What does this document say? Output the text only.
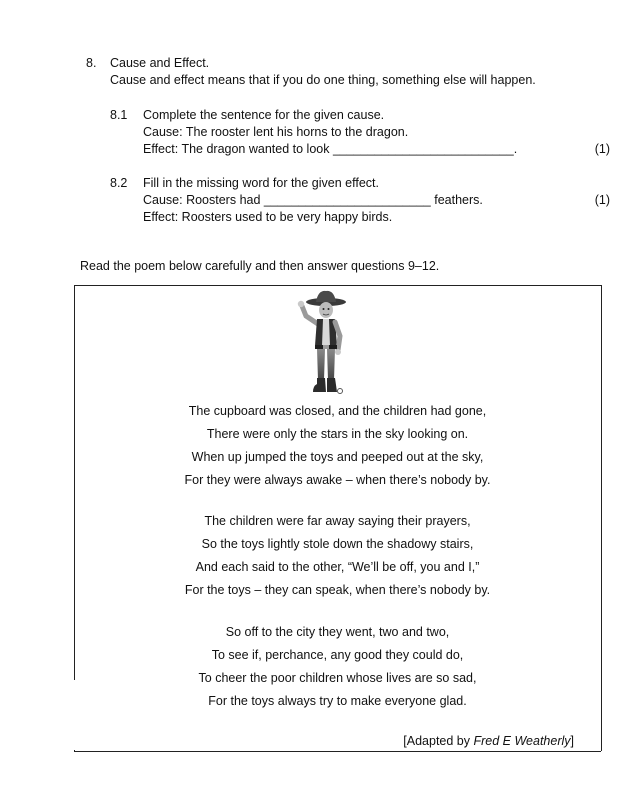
8. Cause and Effect.
Cause and effect means that if you do one thing, something else will happen.
8.1 Complete the sentence for the given cause.
Cause: The rooster lent his horns to the dragon.
Effect: The dragon wanted to look __________________________.	(1)
8.2 Fill in the missing word for the given effect.
Cause: Roosters had ________________________ feathers.	(1)
Effect: Roosters used to be very happy birds.
Read the poem below carefully and then answer questions 9–12.
The cupboard was closed, and the children had gone,
There were only the stars in the sky looking on.
When up jumped the toys and peeped out at the sky,
For they were always awake – when there’s nobody by.
The children were far away saying their prayers,
So the toys lightly stole down the shadowy stairs,
And each said to the other, “We’ll be off, you and I,”
For the toys – they can speak, when there’s nobody by.
So off to the city they went, two and two,
To see if, perchance, any good they could do,
To cheer the poor children whose lives are so sad,
For the toys always try to make everyone glad.
[Adapted by Fred E Weatherly]
